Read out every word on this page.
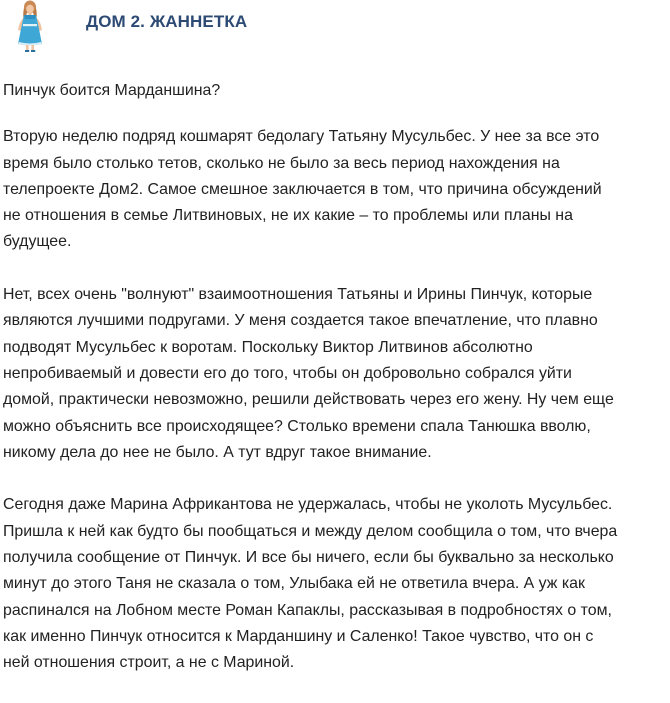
ДОМ 2. ЖАННЕТКА

Пинчук боится Марданшина?

Вторую неделю подряд кошмарят бедолагу Татьяну Мусульбес. У нее за все это
время было столько тетов, сколько не было за весь период нахождения на
телепроекте Дом2. Самое смешное заключается в том, что причина обсуждений
не отношения в семье Литвиновых, не их какие – то проблемы или планы на
будущее.

Нет, всех очень "волнуют" взаимоотношения Татьяны и Ирины Пинчук, которые
являются лучшими подругами. У меня создается такое впечатление, что плавно
подводят Мусульбес к воротам. Поскольку Виктор Литвинов абсолютно
непробиваемый и довести его до того, чтобы он добровольно собрался уйти
домой, практически невозможно, решили действовать через его жену. Ну чем еще
можно объяснить все происходящее? Столько времени спала Танюшка вволю,
никому дела до нее не было. А тут вдруг такое внимание.

Сегодня даже Марина Африкантова не удержалась, чтобы не уколоть Мусульбес.
Пришла к ней как будто бы пообщаться и между делом сообщила о том, что вчера
получила сообщение от Пинчук. И все бы ничего, если бы буквально за несколько
минут до этого Таня не сказала о том, Улыбака ей не ответила вчера. А уж как
распинался на Лобном месте Роман Капаклы, рассказывая в подробностях о том,
как именно Пинчук относится к Марданшину и Саленко! Такое чувство, что он с
ней отношения строит, а не с Мариной.
